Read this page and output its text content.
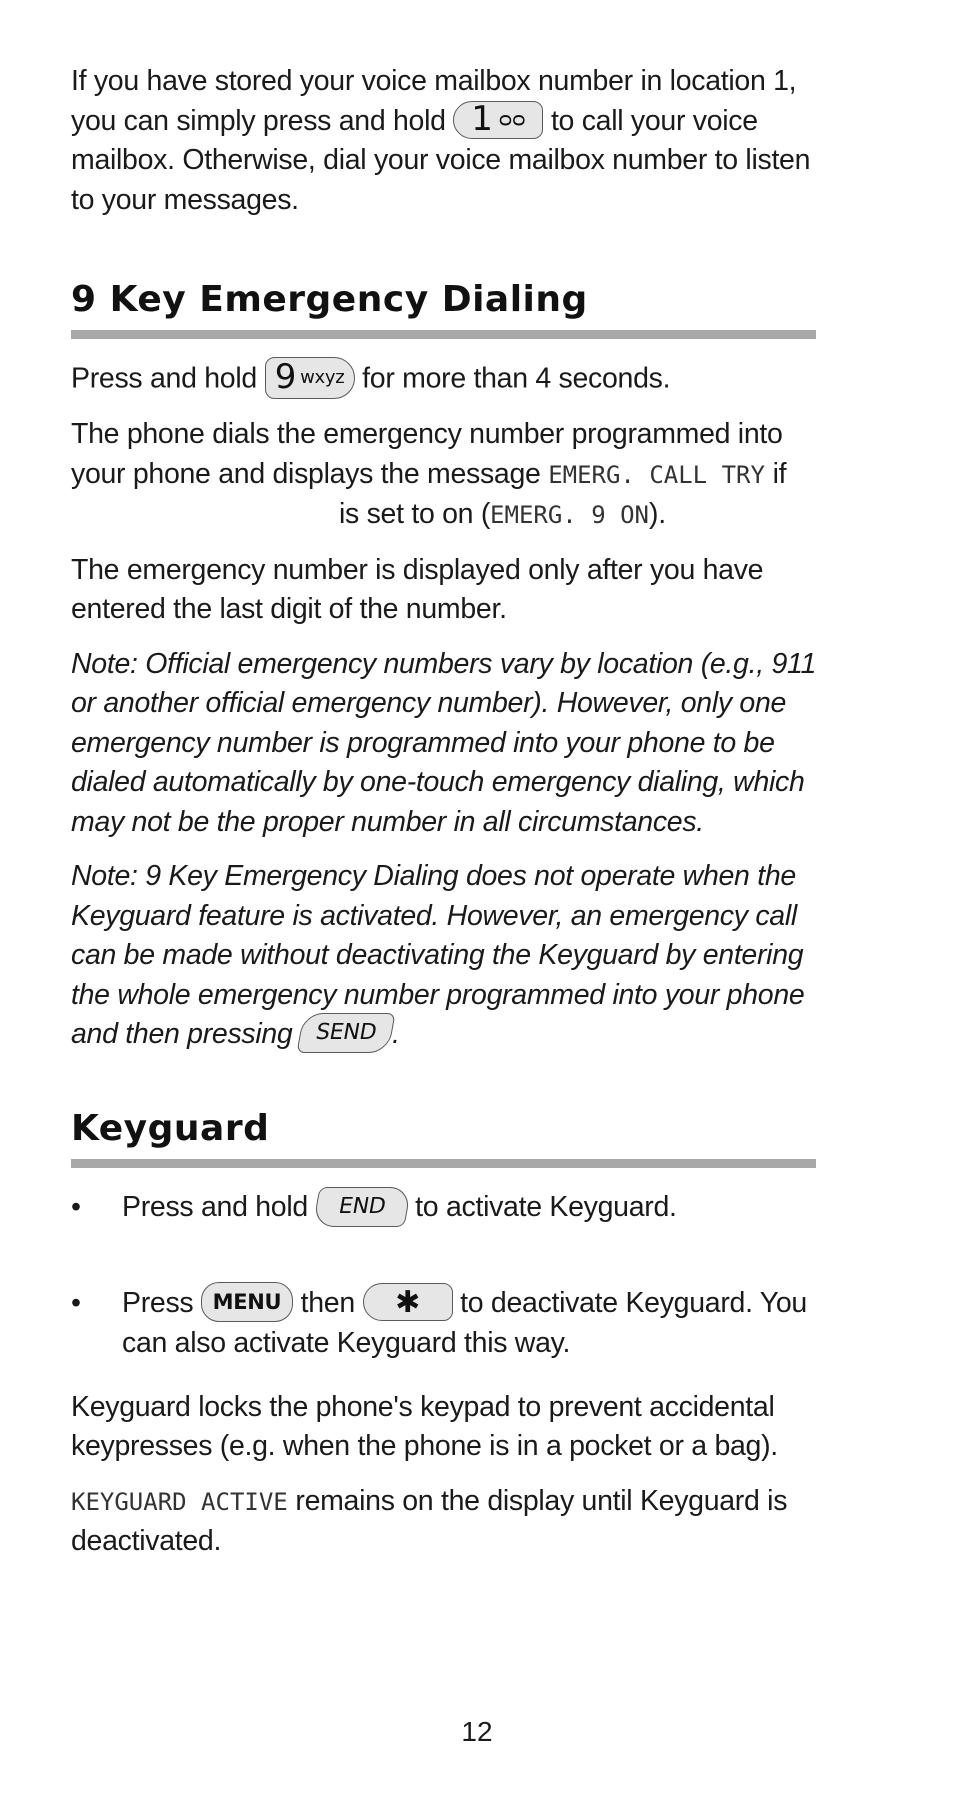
If you have stored your voice mailbox number in location 1, you can simply press and hold 1 ᴑᴑ to call your voice mailbox. Otherwise, dial your voice mailbox number to listen to your messages.

9 Key Emergency Dialing

Press and hold 9 wxyz for more than 4 seconds.

The phone dials the emergency number programmed into your phone and displays the message EMERG. CALL TRY ifis set to on (EMERG. 9 ON).

The emergency number is displayed only after you have entered the last digit of the number.

Note: Official emergency numbers vary by location (e.g., 911 or another official emergency number). However, only one emergency number is programmed into your phone to be dialed automatically by one-touch emergency dialing, which may not be the proper number in all circumstances.

Note: 9 Key Emergency Dialing does not operate when the Keyguard feature is activated. However, an emergency call can be made without deactivating the Keyguard by entering the whole emergency number programmed into your phone and then pressing SEND .

Keyguard

• Press and hold END to activate Keyguard.

• Press MENU then ✱ to deactivate Keyguard. You can also activate Keyguard this way.

Keyguard locks the phone's keypad to prevent accidental keypresses (e.g. when the phone is in a pocket or a bag).

KEYGUARD ACTIVE remains on the display until Keyguard is deactivated.

12
